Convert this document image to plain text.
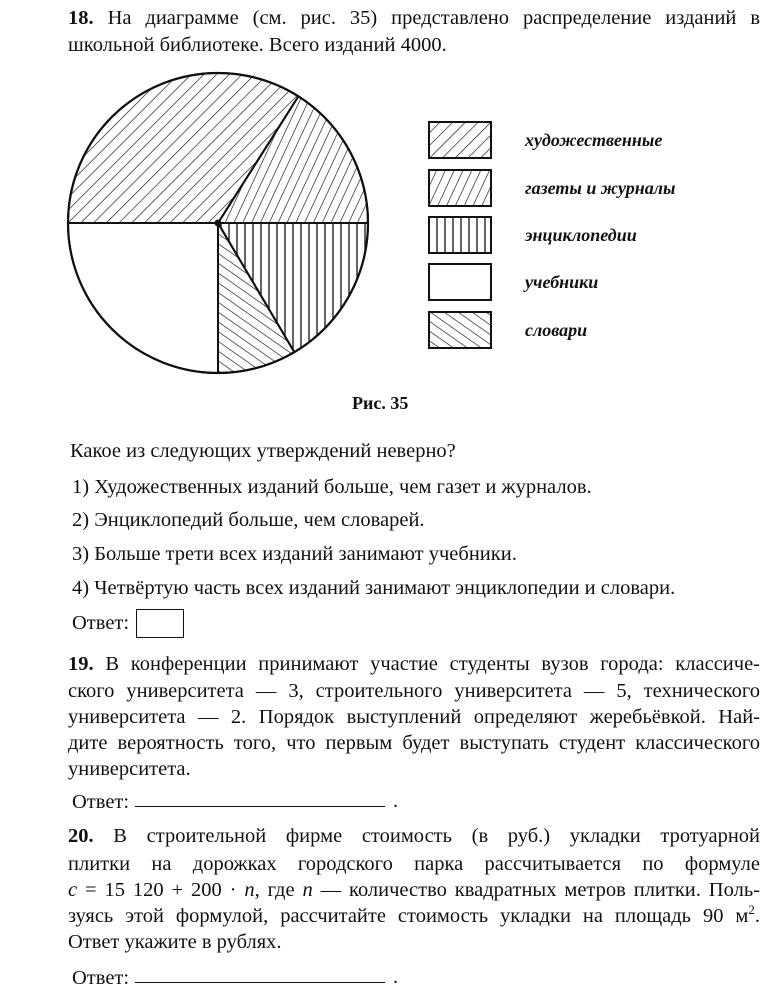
18. На диаграмме (см. рис. 35) представлено распределение изданий в
школьной библиотеке. Всего изданий 4000.
художественные
газеты и журналы
энциклопедии
учебники
словари
Рис. 35
Какое из следующих утверждений неверно?
1) Художественных изданий больше, чем газет и журналов.
2) Энциклопедий больше, чем словарей.
3) Больше трети всех изданий занимают учебники.
4) Четвёртую часть всех изданий занимают энциклопедии и словари.
Ответ:
19. В конференции принимают участие студенты вузов города: классиче-
ского университета — 3, строительного университета — 5, технического
университета — 2. Порядок выступлений определяют жеребьёвкой. Най-
дите вероятность того, что первым будет выступать студент классического
университета.
Ответ:	.
20. В строительной фирме стоимость (в руб.) укладки тротуарной
плитки на дорожках городского парка рассчитывается по формуле
c = 15 120 + 200 · n, где n — количество квадратных метров плитки. Поль-
зуясь этой формулой, рассчитайте стоимость укладки на площадь 90 $м^2$.
Ответ укажите в рублях.
Ответ:	.
